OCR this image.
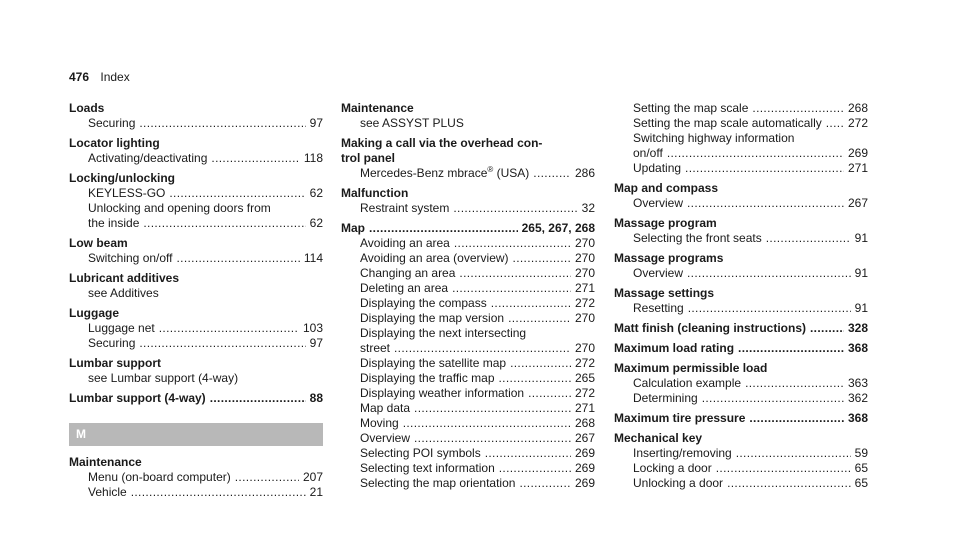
476 Index
Loads
Securing . . .	97
Locator lighting
Activating/deactivating . . .	118
Locking/unlocking
KEYLESS-GO . . .	62
Unlocking and opening doors from
the inside . . .	62
Low beam
Switching on/off . . .	114
Lubricant additives
see Additives
Luggage
Luggage net . . .	103
Securing . . .	97
Lumbar support
see Lumbar support (4-way)
Lumbar support (4-way) . . .	88
M
Maintenance
Menu (on-board computer) . . .	207
Vehicle . . .	21
Maintenance
see ASSYST PLUS
Making a call via the overhead con-
trol panel
Mercedes-Benz mbrace® (USA) . . .	286
Malfunction
Restraint system . . .	32
Map . . .	265, 267, 268
Avoiding an area . . .	270
Avoiding an area (overview) . . .	270
Changing an area . . .	270
Deleting an area . . .	271
Displaying the compass . . .	272
Displaying the map version . . .	270
Displaying the next intersecting
street . . .	270
Displaying the satellite map . . .	272
Displaying the traffic map . . .	265
Displaying weather information . . .	272
Map data . . .	271
Moving . . .	268
Overview . . .	267
Selecting POI symbols . . .	269
Selecting text information . . .	269
Selecting the map orientation . . .	269
Setting the map scale . . .	268
Setting the map scale automatically . . . 272
Switching highway information
on/off . . .	269
Updating . . .	271
Map and compass
Overview . . .	267
Massage program
Selecting the front seats . . .	91
Massage programs
Overview . . .	91
Massage settings
Resetting . . .	91
Matt finish (cleaning instructions) . . .	328
Maximum load rating . . .	368
Maximum permissible load
Calculation example . . .	363
Determining . . .	362
Maximum tire pressure . . .	368
Mechanical key
Inserting/removing . . .	59
Locking a door . . .	65
Unlocking a door . . .	65
